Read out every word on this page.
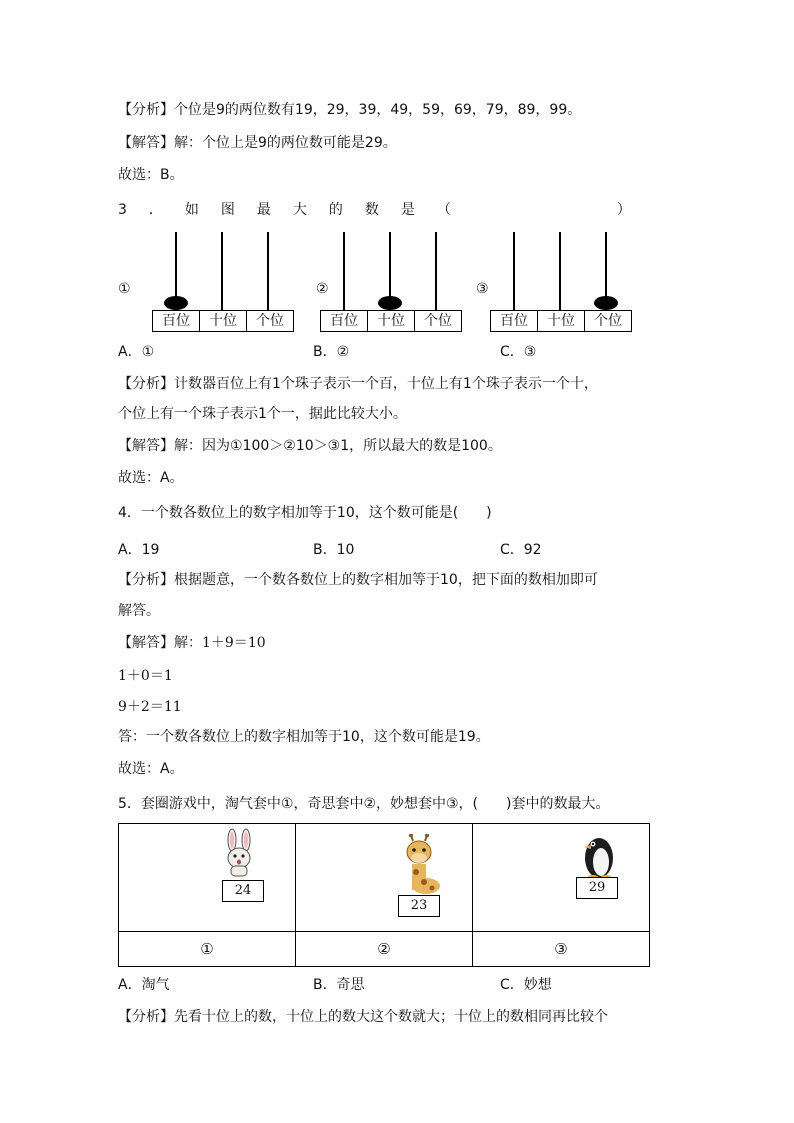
【分析】个位是9的两位数有19，29，39，49，59，69，79，89，99。
【解答】解：个位上是9的两位数可能是29。
故选：B。
3．如图最大的数是（　　　　）
①
百位	十位	个位
②
百位	十位	个位
③
百位	十位	个位
A．①	B．②	C．③
【分析】计数器百位上有1个珠子表示一个百，十位上有1个珠子表示一个十，
个位上有一个珠子表示1个一，据此比较大小。
【解答】解：因为①100＞②10＞③1，所以最大的数是100。
故选：A。
4．一个数各数位上的数字相加等于10，这个数可能是(　　)
A．19	B．10	C．92
【分析】根据题意，一个数各数位上的数字相加等于10，把下面的数相加即可
解答。
【解答】解：1＋9＝10
1＋0＝1
9＋2＝11
答：一个数各数位上的数字相加等于10，这个数可能是19。
故选：A。
5．套圈游戏中，淘气套中①，奇思套中②，妙想套中③，(　　)套中的数最大。
24	23	29

①	②	③
A．淘气	B．奇思	C．妙想
【分析】先看十位上的数，十位上的数大这个数就大；十位上的数相同再比较个
